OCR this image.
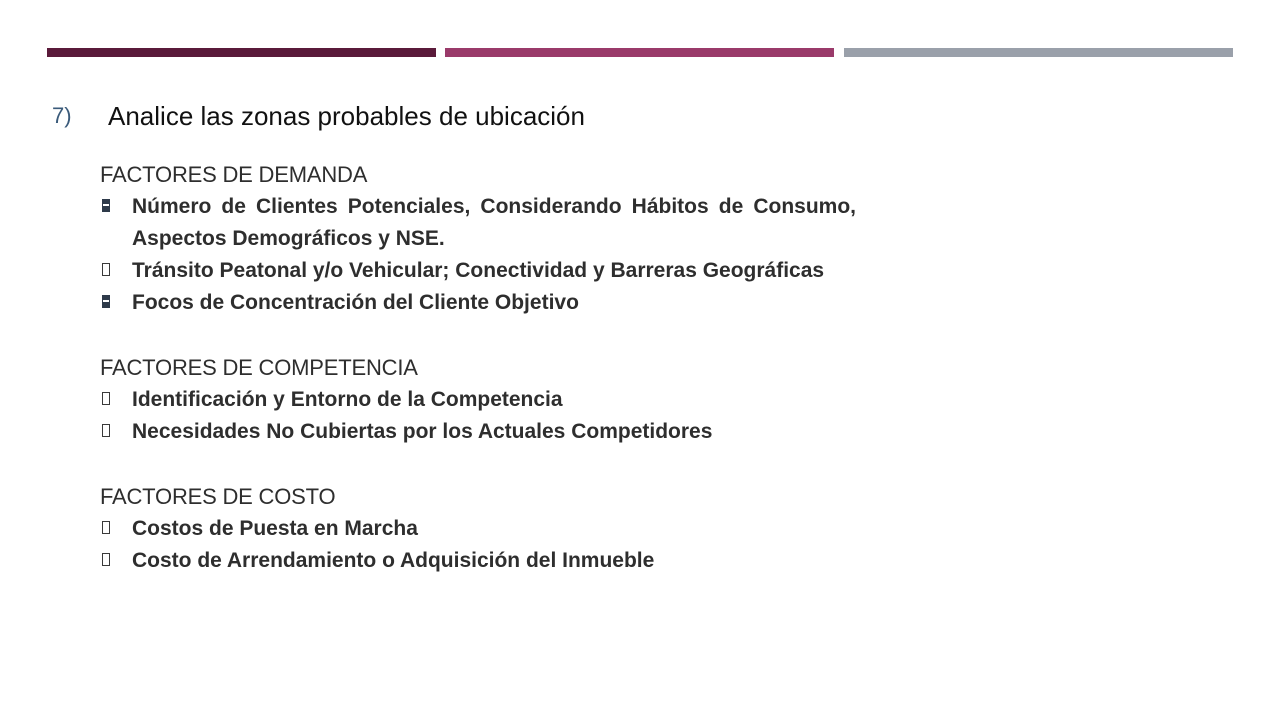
7)	Analice las zonas probables de ubicación
FACTORES DE DEMANDA
Número de Clientes Potenciales, Considerando Hábitos de Consumo, Aspectos Demográficos y NSE.
Tránsito Peatonal y/o Vehicular; Conectividad y Barreras Geográficas
Focos de Concentración del Cliente Objetivo
FACTORES DE COMPETENCIA
Identificación y Entorno de la Competencia
Necesidades No Cubiertas por los Actuales Competidores
FACTORES DE COSTO
Costos de Puesta en Marcha
Costo de Arrendamiento o Adquisición del Inmueble
